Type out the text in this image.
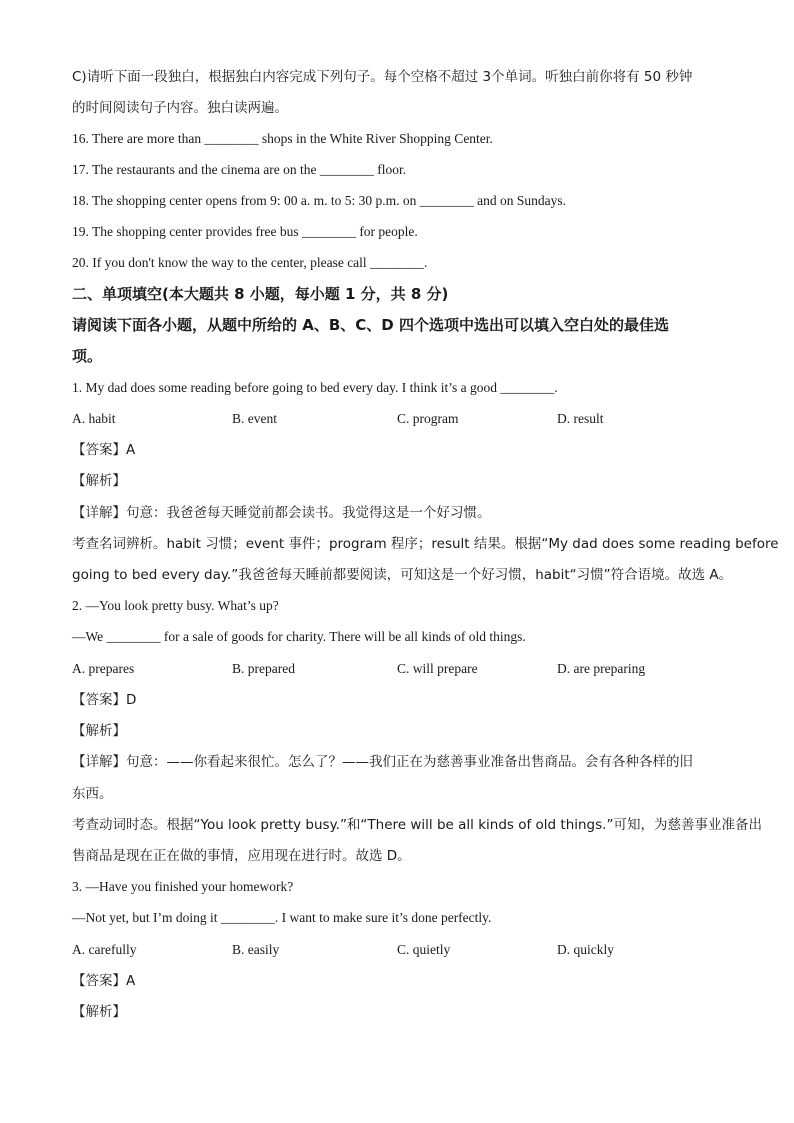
C)请听下面一段独白，根据独白内容完成下列句子。每个空格不超过 3个单词。听独白前你将有 50 秒钟
的时间阅读句子内容。独白读两遍。
16. There are more than ________ shops in the White River Shopping Center.
17. The restaurants and the cinema are on the ________ floor.
18. The shopping center opens from 9: 00 a. m. to 5: 30 p.m. on ________ and on Sundays.
19. The shopping center provides free bus ________ for people.
20. If you don't know the way to the center, please call ________.
二、单项填空(本大题共 8 小题，每小题 1 分，共 8 分)
请阅读下面各小题，从题中所给的 A、B、C、D 四个选项中选出可以填入空白处的最佳选
项。
1. My dad does some reading before going to bed every day. I think it’s a good ________.
A. habit	B. event	C. program	D. result
【答案】A
【解析】
【详解】句意：我爸爸每天睡觉前都会读书。我觉得这是一个好习惯。
考查名词辨析。habit 习惯；event 事件；program 程序；result 结果。根据“My dad does some reading before
going to bed every day.”我爸爸每天睡前都要阅读，可知这是一个好习惯，habit“习惯”符合语境。故选 A。
2. —You look pretty busy. What’s up?
—We ________ for a sale of goods for charity. There will be all kinds of old things.
A. prepares	B. prepared	C. will prepare	D. are preparing
【答案】D
【解析】
【详解】句意：——你看起来很忙。怎么了？——我们正在为慈善事业准备出售商品。会有各种各样的旧
东西。
考查动词时态。根据“You look pretty busy.”和“There will be all kinds of old things.”可知，为慈善事业准备出
售商品是现在正在做的事情，应用现在进行时。故选 D。
3. —Have you finished your homework?
—Not yet, but I’m doing it ________. I want to make sure it’s done perfectly.
A. carefully	B. easily	C. quietly	D. quickly
【答案】A
【解析】
